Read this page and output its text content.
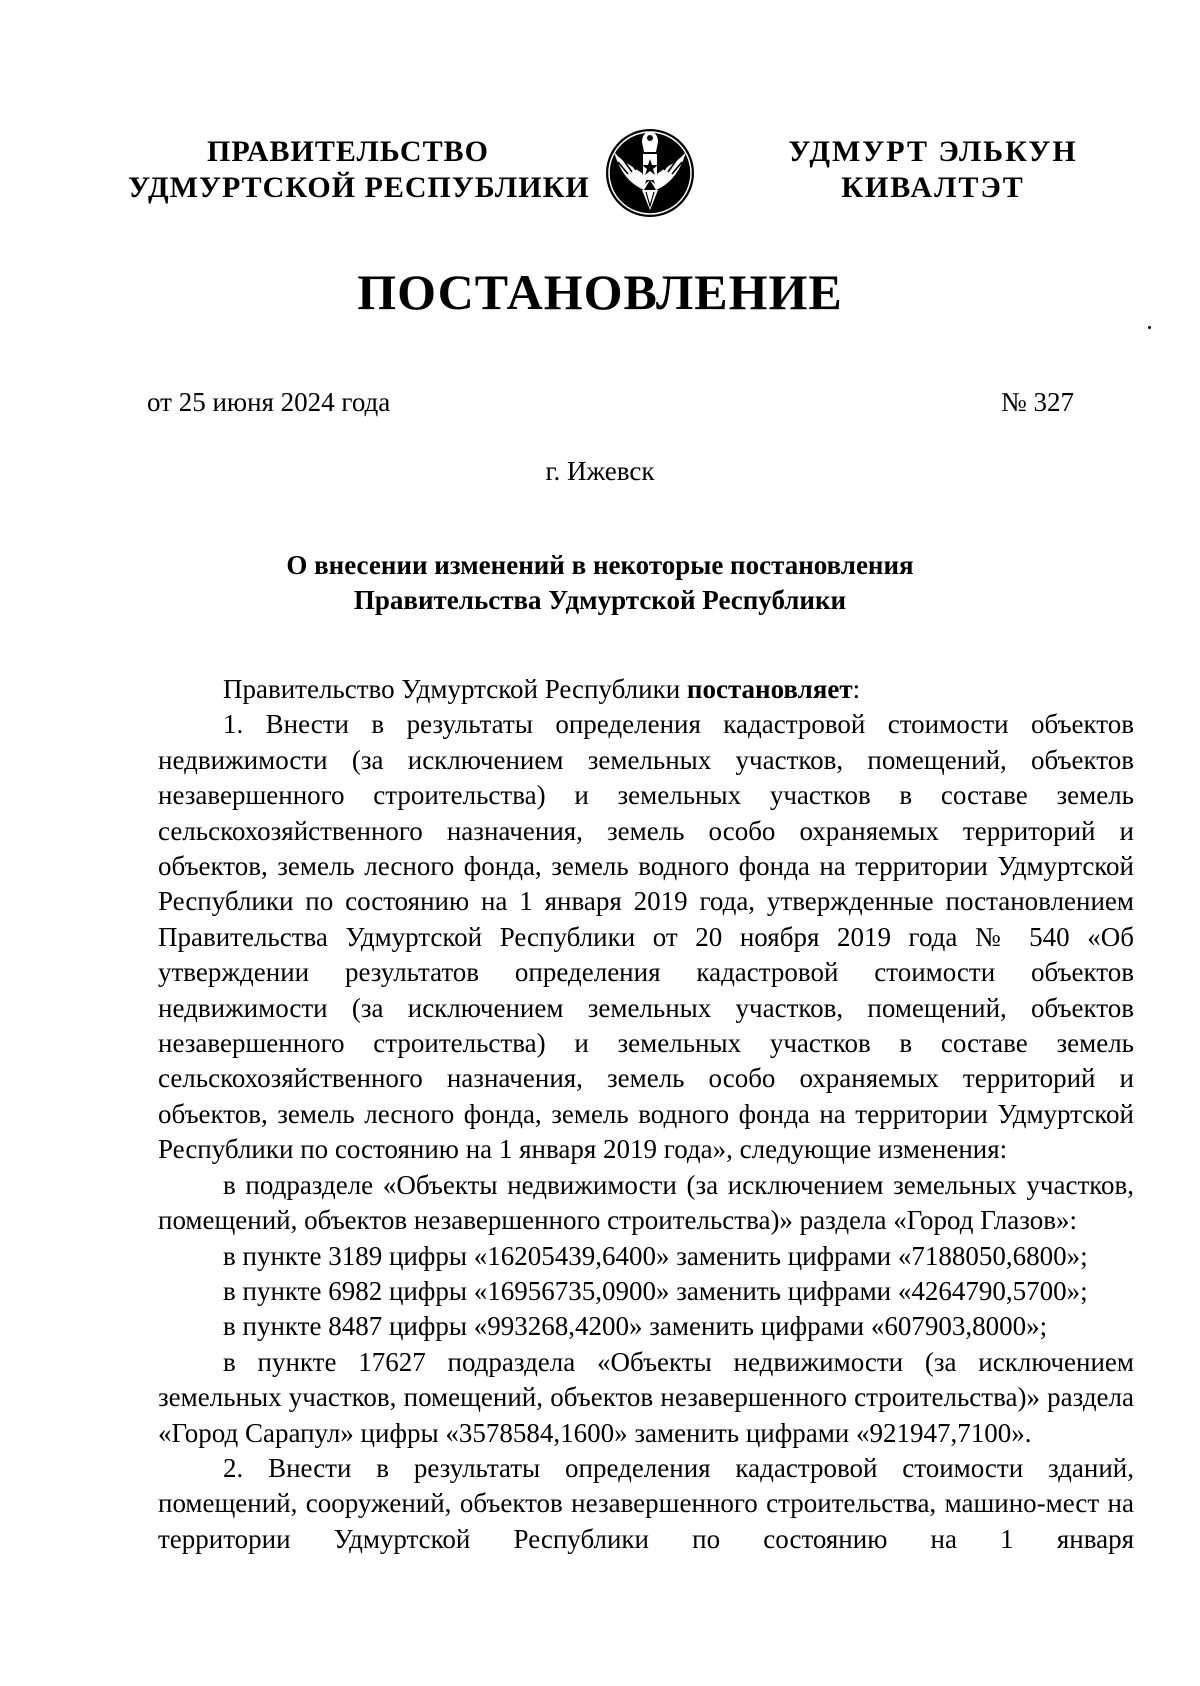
ПРАВИТЕЛЬСТВО
УДМУРТСКОЙ РЕСПУБЛИКИ
УДМУРТ ЭЛЬКУН
КИВАЛТЭТ
ПОСТАНОВЛЕНИЕ
от 25 июня 2024 года	№ 327
г. Ижевск
О внесении изменений в некоторые постановления
Правительства Удмуртской Республики

Правительство Удмуртской Республики постановляет:

1. Внести в результаты определения кадастровой стоимости объектов недвижимости (за исключением земельных участков, помещений, объектов незавершенного строительства) и земельных участков в составе земель сельскохозяйственного назначения, земель особо охраняемых территорий и объектов, земель лесного фонда, земель водного фонда на территории Удмуртской Республики по состоянию на 1 января 2019 года, утвержденные постановлением Правительства Удмуртской Республики от 20 ноября 2019 года № 540 «Об утверждении результатов определения кадастровой стоимости объектов недвижимости (за исключением земельных участков, помещений, объектов незавершенного строительства) и земельных участков в составе земель сельскохозяйственного назначения, земель особо охраняемых территорий и объектов, земель лесного фонда, земель водного фонда на территории Удмуртской Республики по состоянию на 1 января 2019 года», следующие изменения:

в подразделе «Объекты недвижимости (за исключением земельных участков, помещений, объектов незавершенного строительства)» раздела «Город Глазов»:

в пункте 3189 цифры «16205439,6400» заменить цифрами «7188050,6800»;

в пункте 6982 цифры «16956735,0900» заменить цифрами «4264790,5700»;

в пункте 8487 цифры «993268,4200» заменить цифрами «607903,8000»;

в пункте 17627 подраздела «Объекты недвижимости (за исключением земельных участков, помещений, объектов незавершенного строительства)» раздела «Город Сарапул» цифры «3578584,1600» заменить цифрами «921947,7100».

2. Внести в результаты определения кадастровой стоимости зданий, помещений, сооружений, объектов незавершенного строительства, машино-мест на территории Удмуртской Республики по состоянию на 1 января
